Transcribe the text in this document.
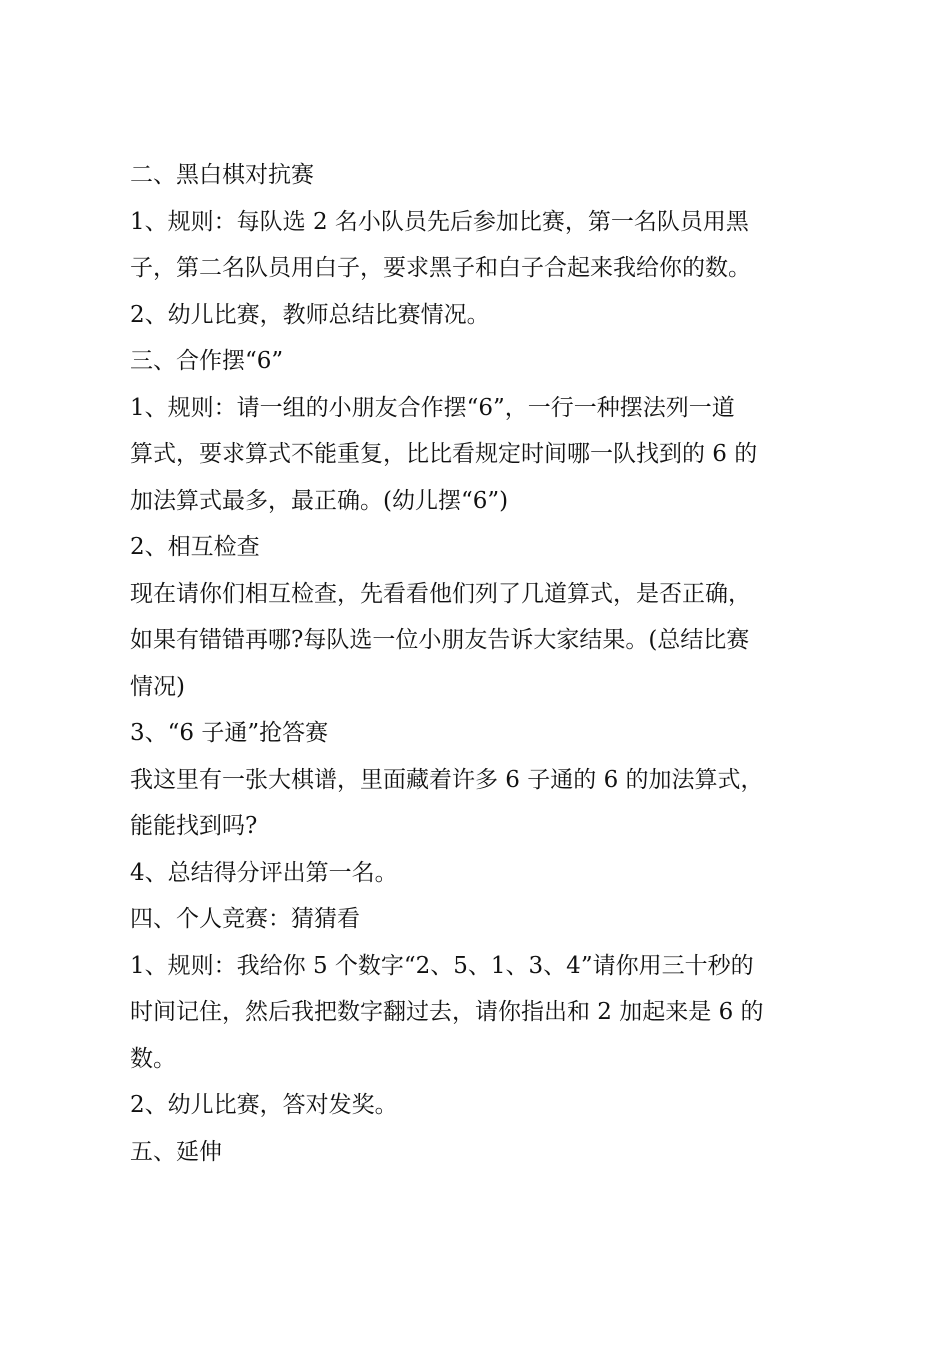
二、黑白棋对抗赛
1、规则：每队选 2 名小队员先后参加比赛，第一名队员用黑
子，第二名队员用白子，要求黑子和白子合起来我给你的数。
2、幼儿比赛，教师总结比赛情况。
三、合作摆“6”
1、规则：请一组的小朋友合作摆“6”，一行一种摆法列一道
算式，要求算式不能重复，比比看规定时间哪一队找到的 6 的
加法算式最多，最正确。(幼儿摆“6”)
2、相互检查
现在请你们相互检查，先看看他们列了几道算式，是否正确，
如果有错错再哪?每队选一位小朋友告诉大家结果。(总结比赛
情况)
3、“6 子通”抢答赛
我这里有一张大棋谱，里面藏着许多 6 子通的 6 的加法算式，
能能找到吗?
4、总结得分评出第一名。
四、个人竞赛：猜猜看
1、规则：我给你 5 个数字“2、5、1、3、4”请你用三十秒的
时间记住，然后我把数字翻过去，请你指出和 2 加起来是 6 的
数。
2、幼儿比赛，答对发奖。
五、延伸
